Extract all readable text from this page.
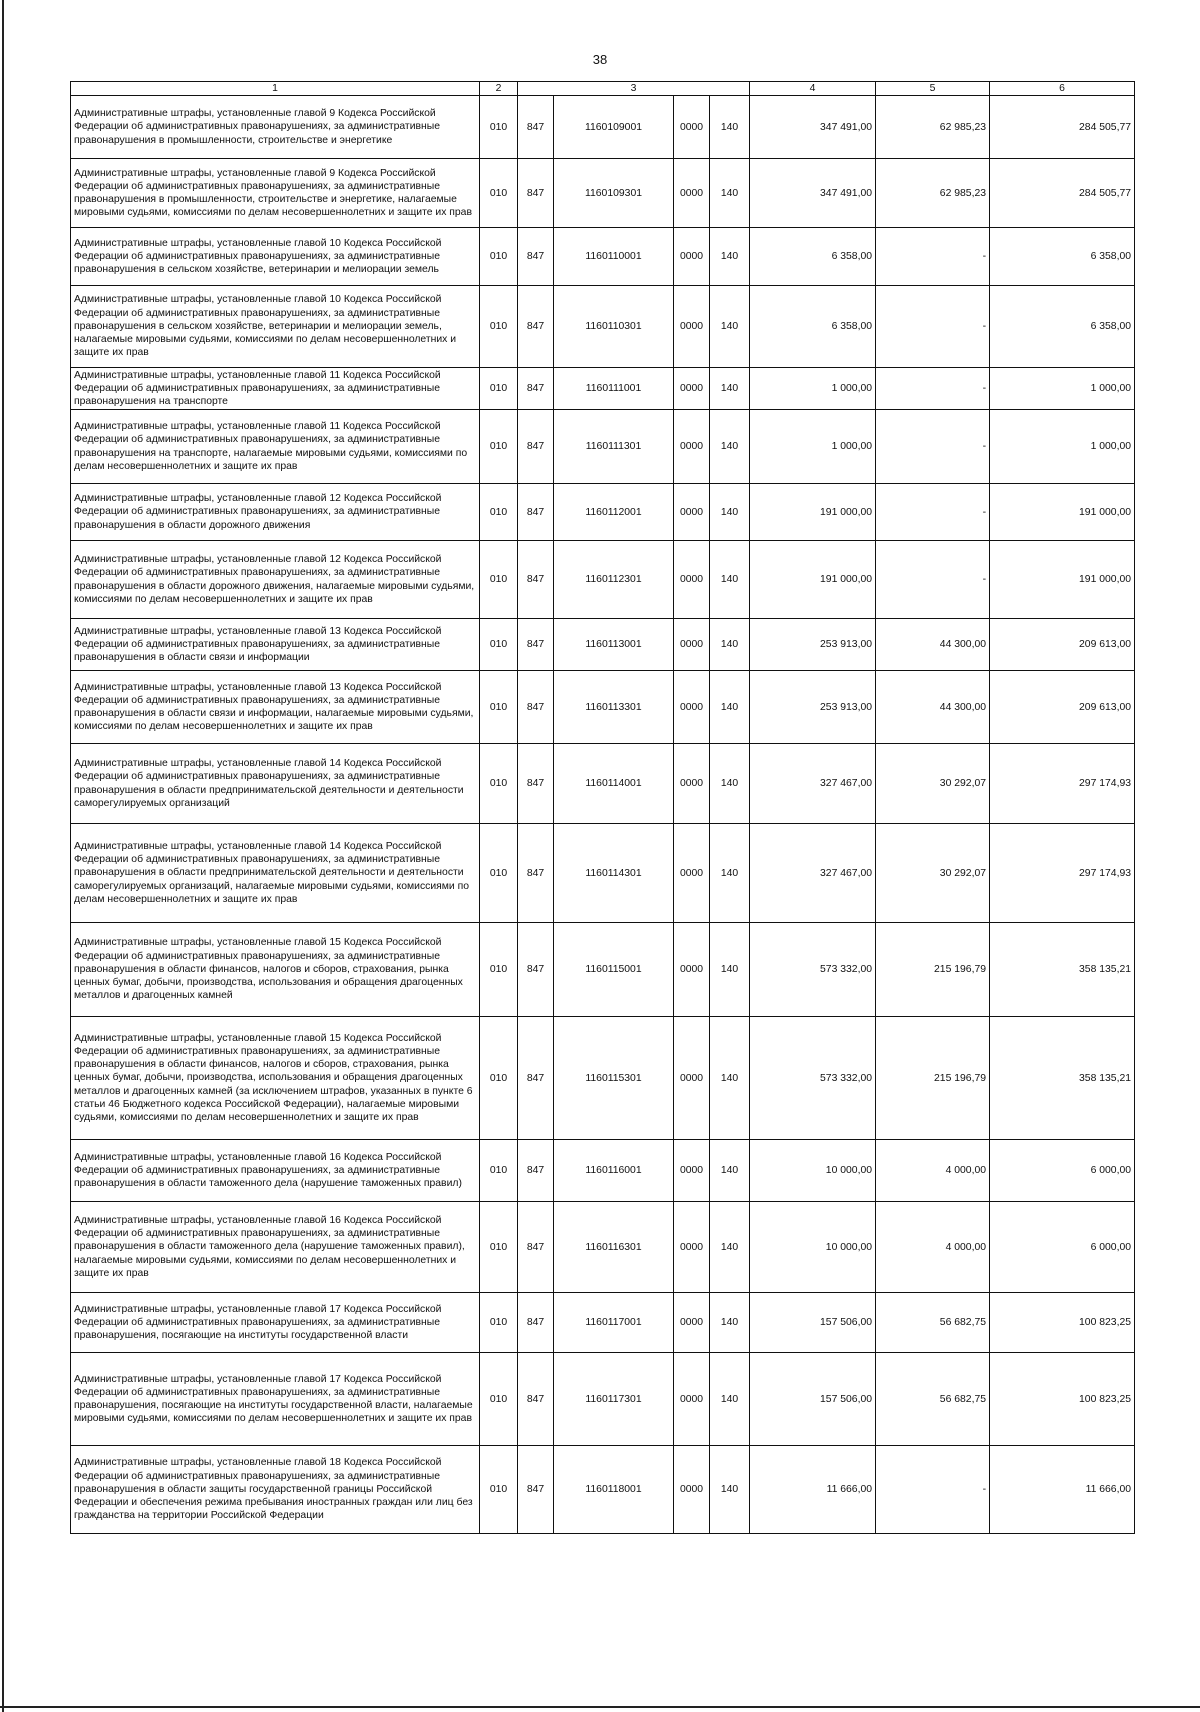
38
1	2	3				4	5	6
Административные штрафы, установленные главой 9 Кодекса Российской Федерации об административных правонарушениях, за административные правонарушения в промышленности, строительстве и энергетике	010	847	1160109001	0000	140	347 491,00	62 985,23	284 505,77
Административные штрафы, установленные главой 9 Кодекса Российской Федерации об административных правонарушениях, за административные правонарушения в промышленности, строительстве и энергетике, налагаемые мировыми судьями, комиссиями по делам несовершеннолетних и защите их прав	010	847	1160109301	0000	140	347 491,00	62 985,23	284 505,77
Административные штрафы, установленные главой 10 Кодекса Российской Федерации об административных правонарушениях, за административные правонарушения в сельском хозяйстве, ветеринарии и мелиорации земель	010	847	1160110001	0000	140	6 358,00	-	6 358,00
Административные штрафы, установленные главой 10 Кодекса Российской Федерации об административных правонарушениях, за административные правонарушения в сельском хозяйстве, ветеринарии и мелиорации земель, налагаемые мировыми судьями, комиссиями по делам несовершеннолетних и защите их прав	010	847	1160110301	0000	140	6 358,00	-	6 358,00
Административные штрафы, установленные главой 11 Кодекса Российской Федерации об административных правонарушениях, за административные правонарушения на транспорте	010	847	1160111001	0000	140	1 000,00	-	1 000,00
Административные штрафы, установленные главой 11 Кодекса Российской Федерации об административных правонарушениях, за административные правонарушения на транспорте, налагаемые мировыми судьями, комиссиями по делам несовершеннолетних и защите их прав	010	847	1160111301	0000	140	1 000,00	-	1 000,00
Административные штрафы, установленные главой 12 Кодекса Российской Федерации об административных правонарушениях, за административные правонарушения в области дорожного движения	010	847	1160112001	0000	140	191 000,00	-	191 000,00
Административные штрафы, установленные главой 12 Кодекса Российской Федерации об административных правонарушениях, за административные правонарушения в области дорожного движения, налагаемые мировыми судьями, комиссиями по делам несовершеннолетних и защите их прав	010	847	1160112301	0000	140	191 000,00	-	191 000,00
Административные штрафы, установленные главой 13 Кодекса Российской Федерации об административных правонарушениях, за административные правонарушения в области связи и информации	010	847	1160113001	0000	140	253 913,00	44 300,00	209 613,00
Административные штрафы, установленные главой 13 Кодекса Российской Федерации об административных правонарушениях, за административные правонарушения в области связи и информации, налагаемые мировыми судьями, комиссиями по делам несовершеннолетних и защите их прав	010	847	1160113301	0000	140	253 913,00	44 300,00	209 613,00
Административные штрафы, установленные главой 14 Кодекса Российской Федерации об административных правонарушениях, за административные правонарушения в области предпринимательской деятельности и деятельности саморегулируемых организаций	010	847	1160114001	0000	140	327 467,00	30 292,07	297 174,93
Административные штрафы, установленные главой 14 Кодекса Российской Федерации об административных правонарушениях, за административные правонарушения в области предпринимательской деятельности и деятельности саморегулируемых организаций, налагаемые мировыми судьями, комиссиями по делам несовершеннолетних и защите их прав	010	847	1160114301	0000	140	327 467,00	30 292,07	297 174,93
Административные штрафы, установленные главой 15 Кодекса Российской Федерации об административных правонарушениях, за административные правонарушения в области финансов, налогов и сборов, страхования, рынка ценных бумаг, добычи, производства, использования и обращения драгоценных металлов и драгоценных камней	010	847	1160115001	0000	140	573 332,00	215 196,79	358 135,21
Административные штрафы, установленные главой 15 Кодекса Российской Федерации об административных правонарушениях, за административные правонарушения в области финансов, налогов и сборов, страхования, рынка ценных бумаг, добычи, производства, использования и обращения драгоценных металлов и драгоценных камней (за исключением штрафов, указанных в пункте 6 статьи 46 Бюджетного кодекса Российской Федерации), налагаемые мировыми судьями, комиссиями по делам несовершеннолетних и защите их прав	010	847	1160115301	0000	140	573 332,00	215 196,79	358 135,21
Административные штрафы, установленные главой 16 Кодекса Российской Федерации об административных правонарушениях, за административные правонарушения в области таможенного дела (нарушение таможенных правил)	010	847	1160116001	0000	140	10 000,00	4 000,00	6 000,00
Административные штрафы, установленные главой 16 Кодекса Российской Федерации об административных правонарушениях, за административные правонарушения в области таможенного дела (нарушение таможенных правил), налагаемые мировыми судьями, комиссиями по делам несовершеннолетних и защите их прав	010	847	1160116301	0000	140	10 000,00	4 000,00	6 000,00
Административные штрафы, установленные главой 17 Кодекса Российской Федерации об административных правонарушениях, за административные правонарушения, посягающие на институты государственной власти	010	847	1160117001	0000	140	157 506,00	56 682,75	100 823,25
Административные штрафы, установленные главой 17 Кодекса Российской Федерации об административных правонарушениях, за административные правонарушения, посягающие на институты государственной власти, налагаемые мировыми судьями, комиссиями по делам несовершеннолетних и защите их прав	010	847	1160117301	0000	140	157 506,00	56 682,75	100 823,25
Административные штрафы, установленные главой 18 Кодекса Российской Федерации об административных правонарушениях, за административные правонарушения в области защиты государственной границы Российской Федерации и обеспечения режима пребывания иностранных граждан или лиц без гражданства на территории Российской Федерации	010	847	1160118001	0000	140	11 666,00	-	11 666,00
